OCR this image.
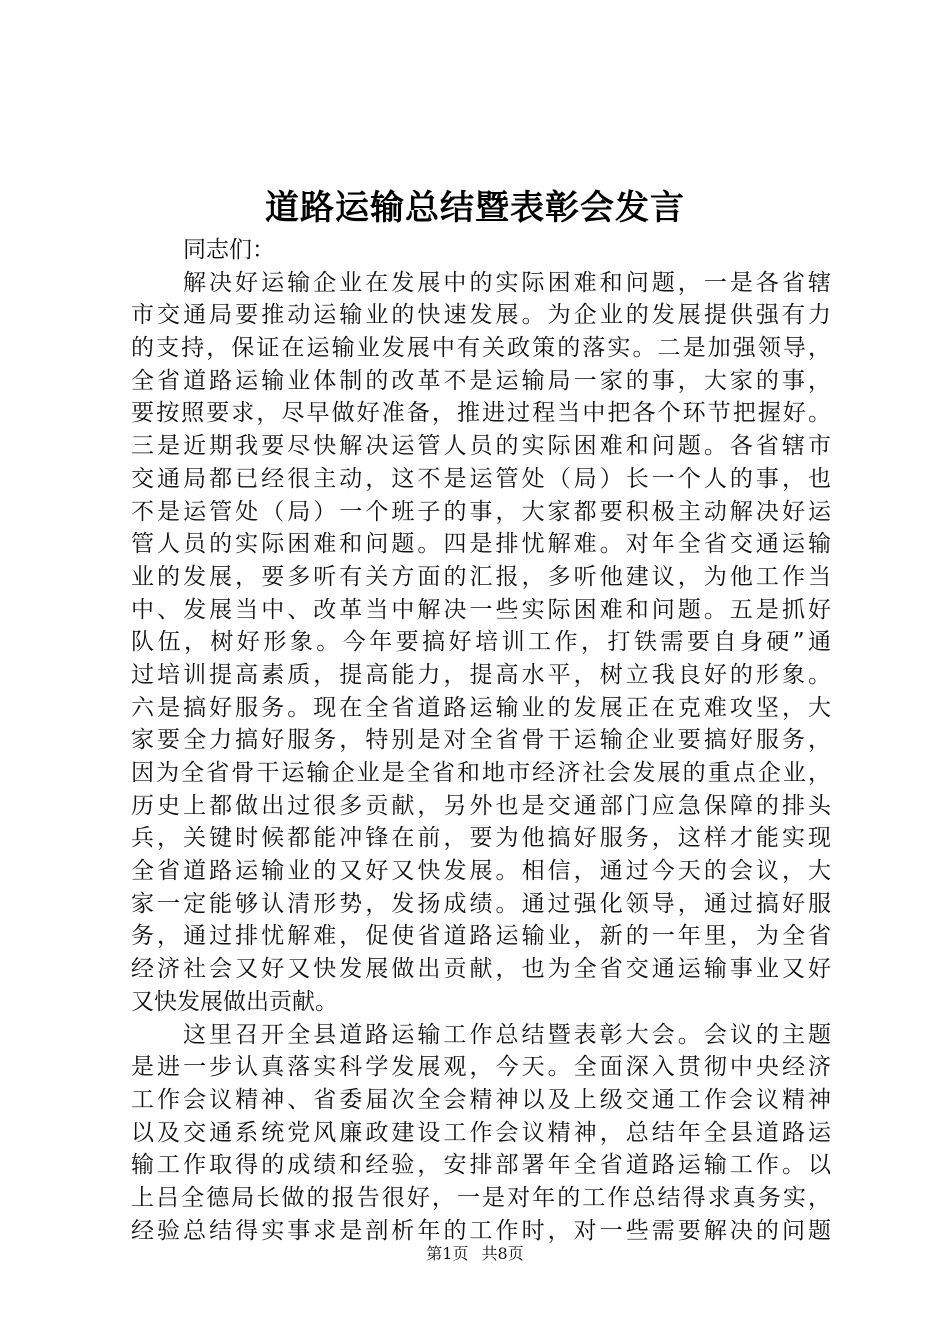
道路运输总结暨表彰会发言
同志们：
解决好运输企业在发展中的实际困难和问题，一是各省辖
市交通局要推动运输业的快速发展。为企业的发展提供强有力
的支持，保证在运输业发展中有关政策的落实。二是加强领导，
全省道路运输业体制的改革不是运输局一家的事，大家的事，
要按照要求，尽早做好准备，推进过程当中把各个环节把握好。
三是近期我要尽快解决运管人员的实际困难和问题。各省辖市
交通局都已经很主动，这不是运管处（局）长一个人的事，也
不是运管处（局）一个班子的事，大家都要积极主动解决好运
管人员的实际困难和问题。四是排忧解难。对年全省交通运输
业的发展，要多听有关方面的汇报，多听他建议，为他工作当
中、发展当中、改革当中解决一些实际困难和问题。五是抓好
队伍，树好形象。今年要搞好培训工作，打铁需要自身硬”通
过培训提高素质，提高能力，提高水平，树立我良好的形象。
六是搞好服务。现在全省道路运输业的发展正在克难攻坚，大
家要全力搞好服务，特别是对全省骨干运输企业要搞好服务，
因为全省骨干运输企业是全省和地市经济社会发展的重点企业，
历史上都做出过很多贡献，另外也是交通部门应急保障的排头
兵，关键时候都能冲锋在前，要为他搞好服务，这样才能实现
全省道路运输业的又好又快发展。相信，通过今天的会议，大
家一定能够认清形势，发扬成绩。通过强化领导，通过搞好服
务，通过排忧解难，促使省道路运输业，新的一年里，为全省
经济社会又好又快发展做出贡献，也为全省交通运输事业又好
又快发展做出贡献。
这里召开全县道路运输工作总结暨表彰大会。会议的主题
是进一步认真落实科学发展观，今天。全面深入贯彻中央经济
工作会议精神、省委届次全会精神以及上级交通工作会议精神
以及交通系统党风廉政建设工作会议精神，总结年全县道路运
输工作取得的成绩和经验，安排部署年全省道路运输工作。以
上吕全德局长做的报告很好，一是对年的工作总结得求真务实，
经验总结得实事求是剖析年的工作时，对一些需要解决的问题
第1页 共8页
